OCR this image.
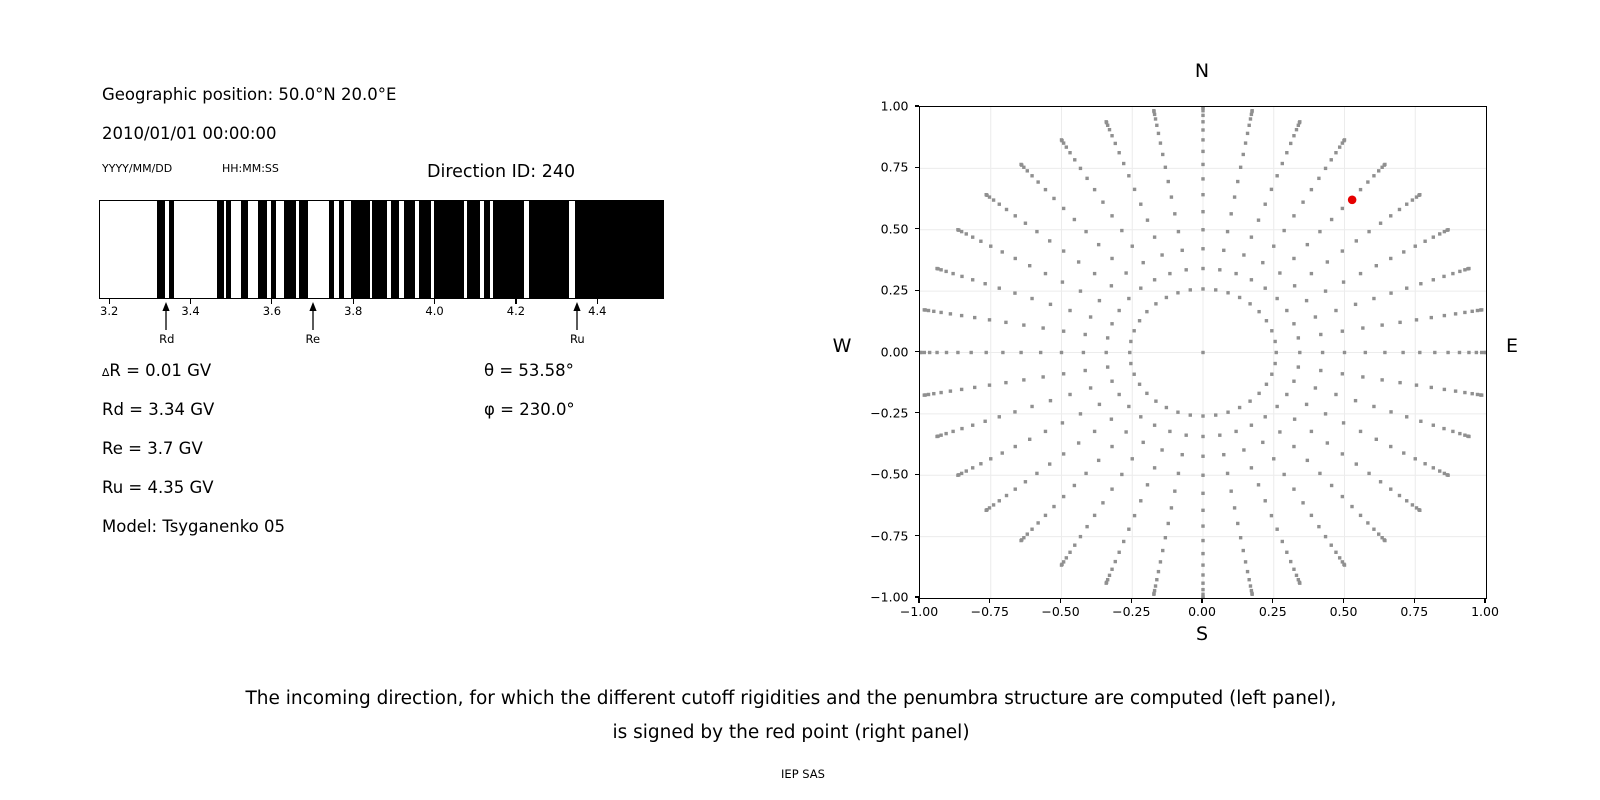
Geographic position: 50.0°N 20.0°E
2010/01/01 00:00:00
YYYY/MM/DD	HH:MM:SS	Direction ID: 240
3.2	3.4	3.6	3.8	4.0	4.2	4.4
Rd	Re	Ru
∆R = 0.01 GV
Rd = 3.34 GV
Re = 3.7 GV
Ru = 4.35 GV
Model: Tsyganenko 05
θ = 53.58°
φ = 230.0°
N
S
W	E
1.00
0.75
0.50
0.25
0.00
−0.25
−0.50
−0.75
−1.00
−1.00	−0.75	−0.50	−0.25	0.00	0.25	0.50	0.75	1.00
The incoming direction, for which the different cutoff rigidities and the penumbra structure are computed (left panel),
is signed by the red point (right panel)
IEP SAS
